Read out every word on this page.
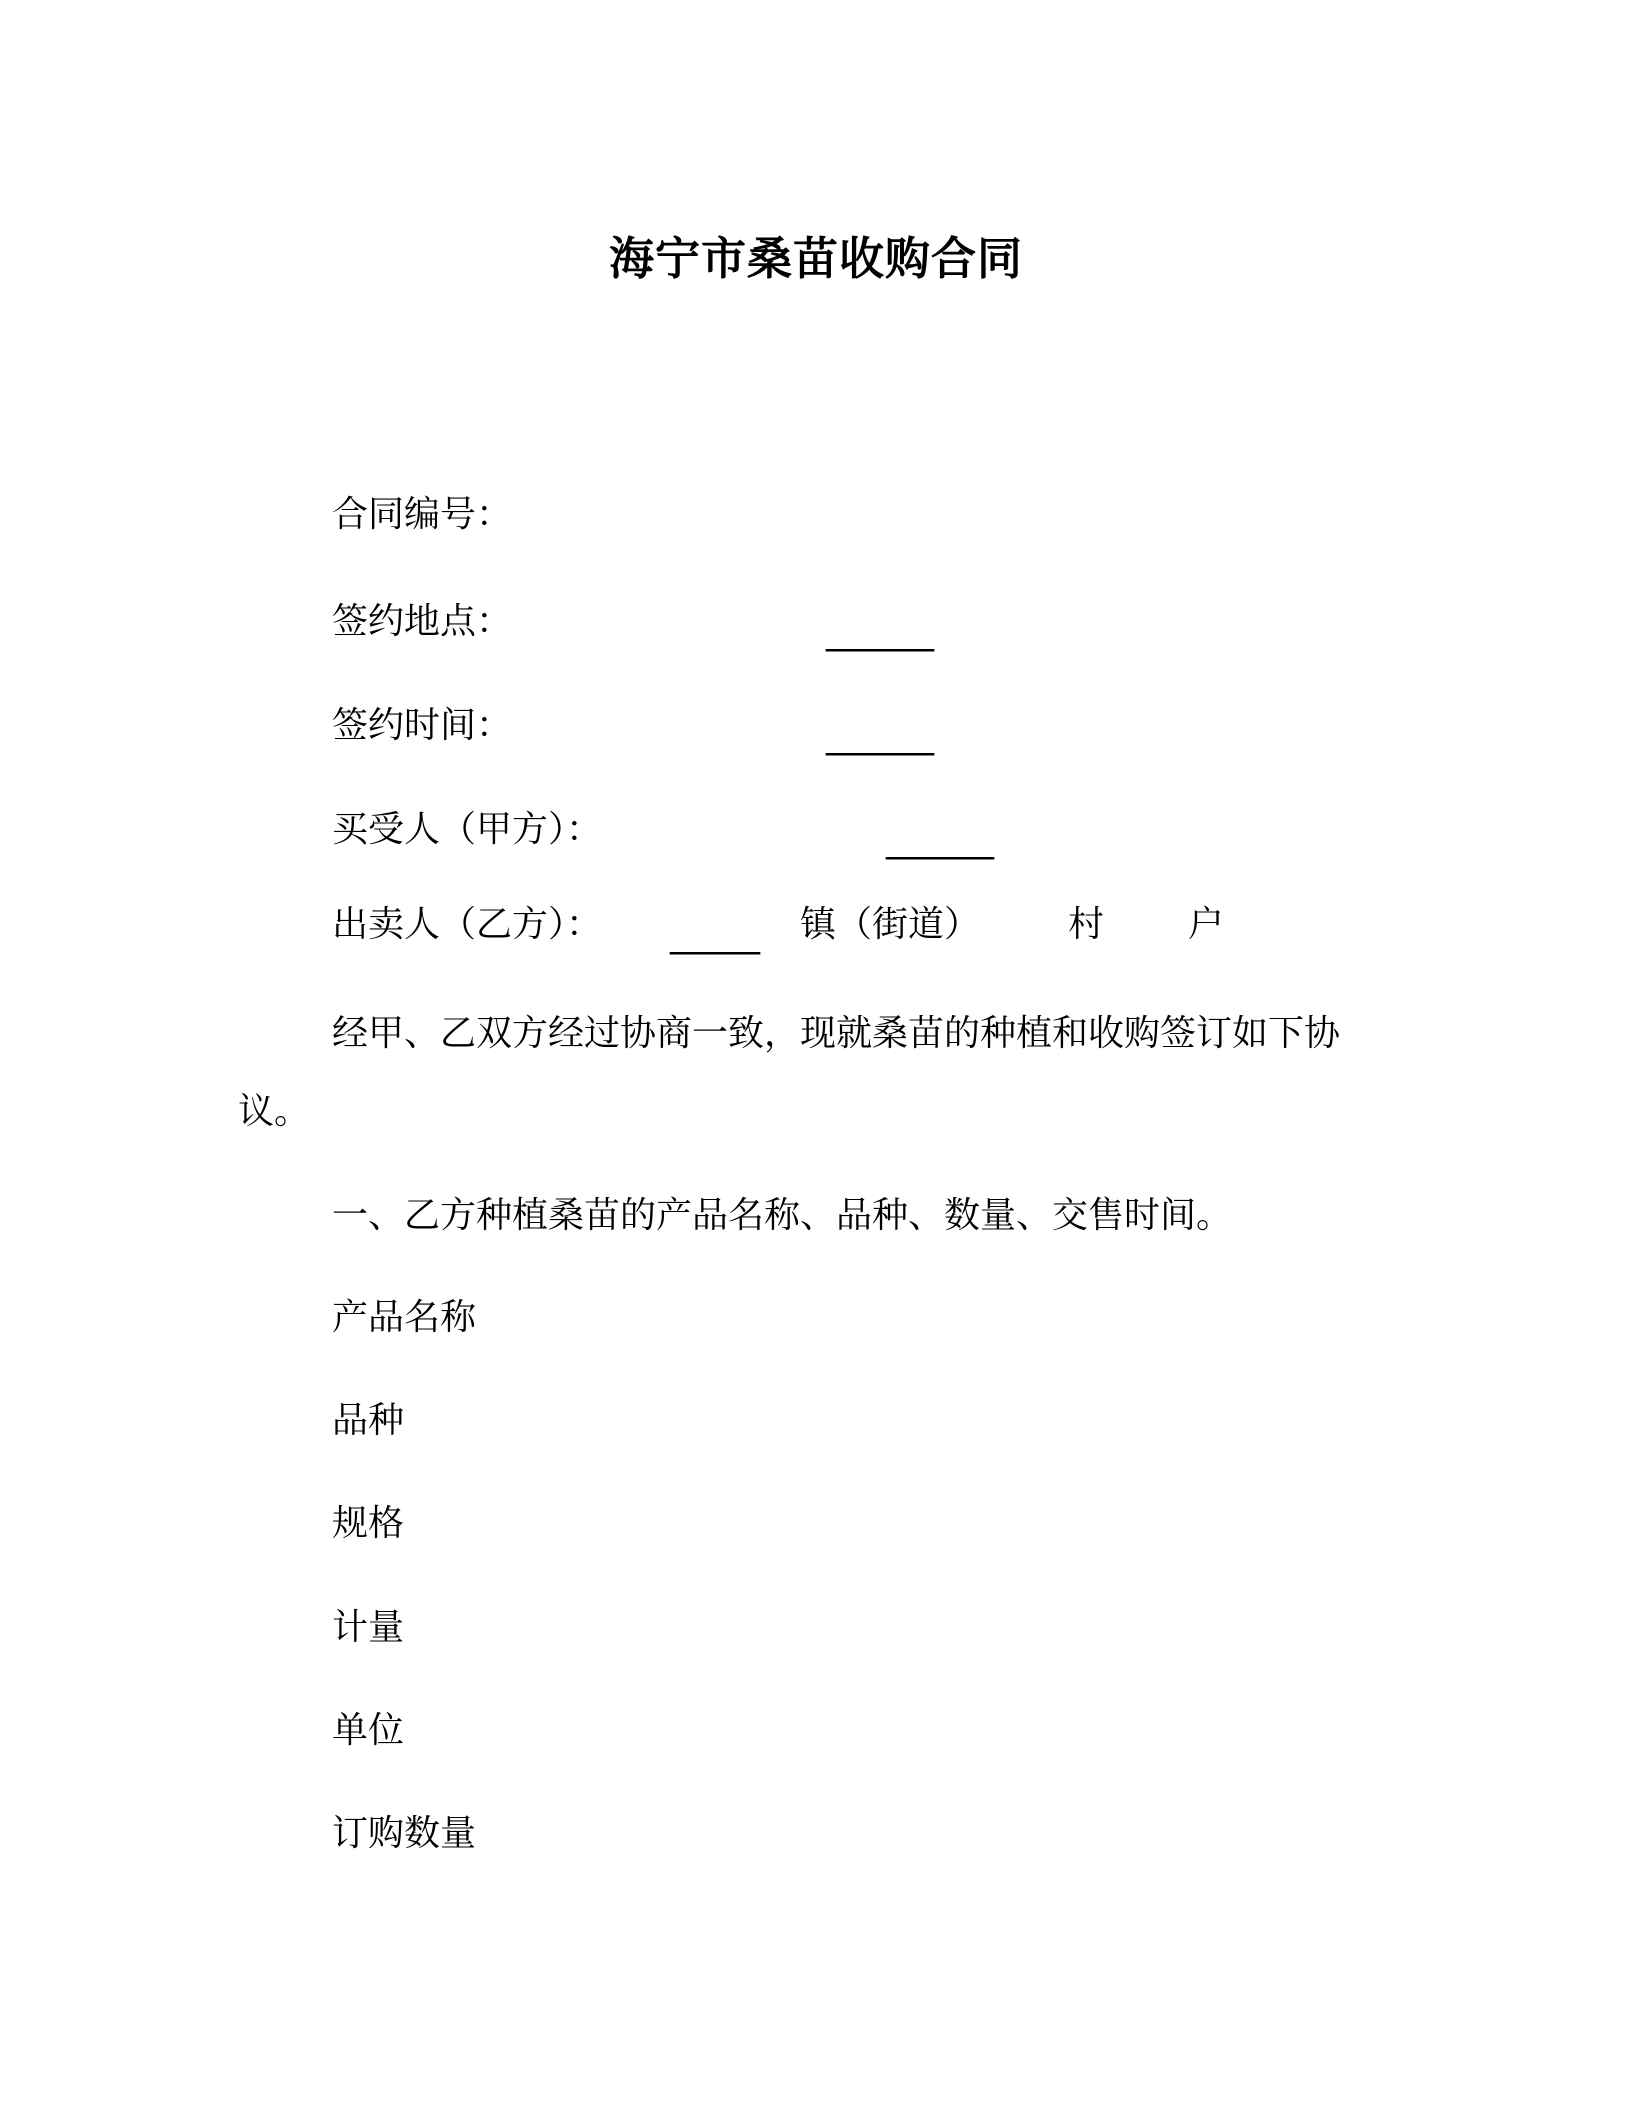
海宁市桑苗收购合同
合同编号：
签约地点：	______
签约时间：	______
买受人（甲方）：	______
出卖人（乙方）： _____ 镇（街道） 村 户
经甲、乙双方经过协商一致，现就桑苗的种植和收购签订如下协
议。
一、乙方种植桑苗的产品名称、品种、数量、交售时间。
产品名称
品种
规格
计量
单位
订购数量
